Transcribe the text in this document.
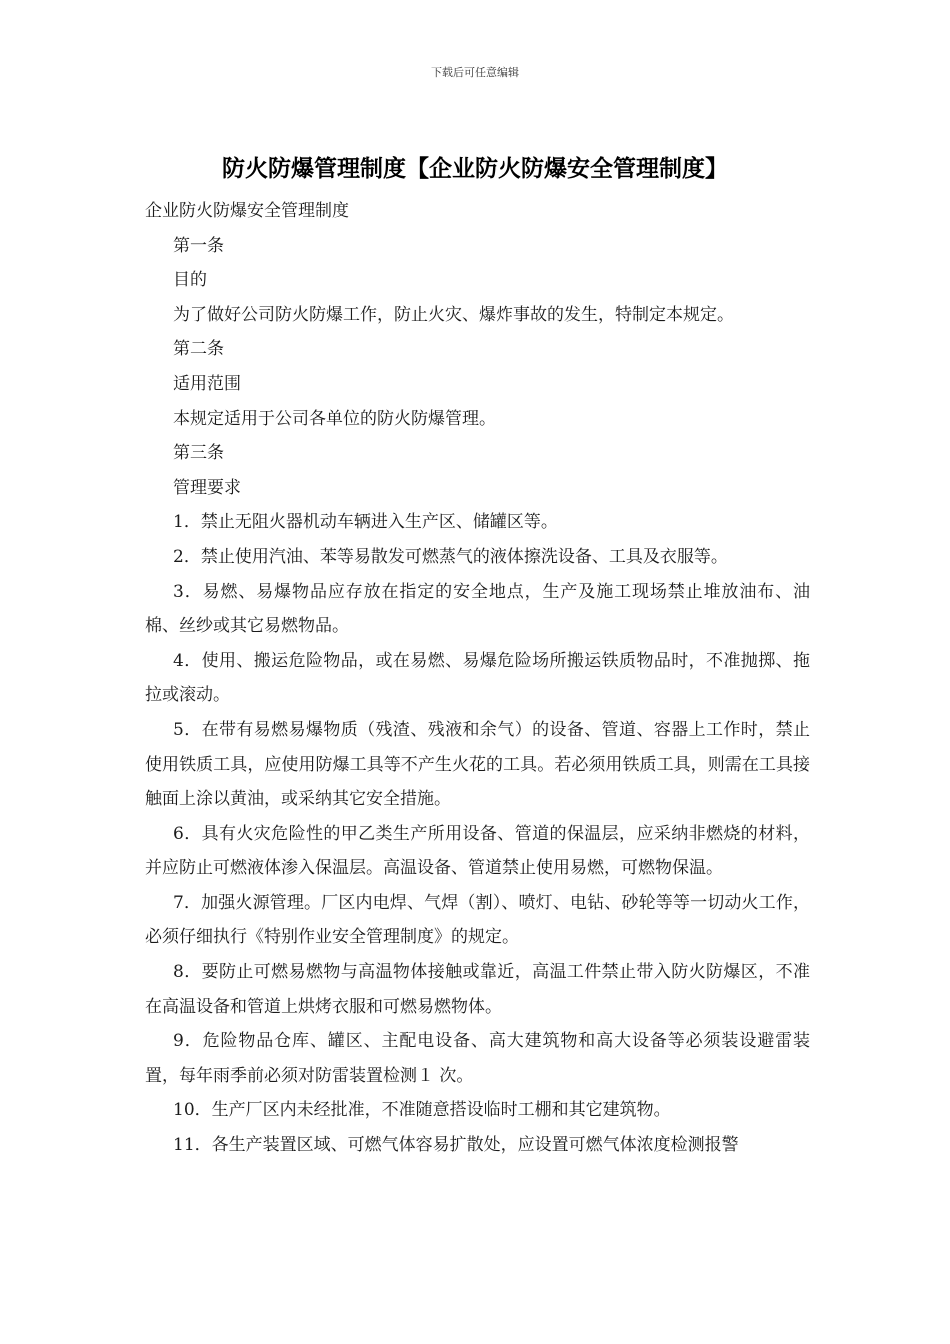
下载后可任意编辑
防火防爆管理制度【企业防火防爆安全管理制度】

企业防火防爆安全管理制度

第一条

目的

为了做好公司防火防爆工作，防止火灾、爆炸事故的发生，特制定本规定。

第二条

适用范围

本规定适用于公司各单位的防火防爆管理。

第三条

管理要求

1．禁止无阻火器机动车辆进入生产区、储罐区等。

2．禁止使用汽油、苯等易散发可燃蒸气的液体擦洗设备、工具及衣服等。

3．易燃、易爆物品应存放在指定的安全地点，生产及施工现场禁止堆放油布、油棉、丝纱或其它易燃物品。

4．使用、搬运危险物品，或在易燃、易爆危险场所搬运铁质物品时，不准抛掷、拖拉或滚动。

5．在带有易燃易爆物质（残渣、残液和余气）的设备、管道、容器上工作时，禁止使用铁质工具，应使用防爆工具等不产生火花的工具。若必须用铁质工具，则需在工具接触面上涂以黄油，或采纳其它安全措施。

6．具有火灾危险性的甲乙类生产所用设备、管道的保温层，应采纳非燃烧的材料，并应防止可燃液体渗入保温层。高温设备、管道禁止使用易燃，可燃物保温。

7．加强火源管理。厂区内电焊、气焊（割）、喷灯、电钻、砂轮等等一切动火工作，必须仔细执行《特别作业安全管理制度》的规定。

8．要防止可燃易燃物与高温物体接触或靠近，高温工件禁止带入防火防爆区，不准在高温设备和管道上烘烤衣服和可燃易燃物体。

9．危险物品仓库、罐区、主配电设备、高大建筑物和高大设备等必须装设避雷装置，每年雨季前必须对防雷装置检测１ 次。

10．生产厂区内未经批准，不准随意搭设临时工棚和其它建筑物。

11．各生产装置区域、可燃气体容易扩散处，应设置可燃气体浓度检测报警
